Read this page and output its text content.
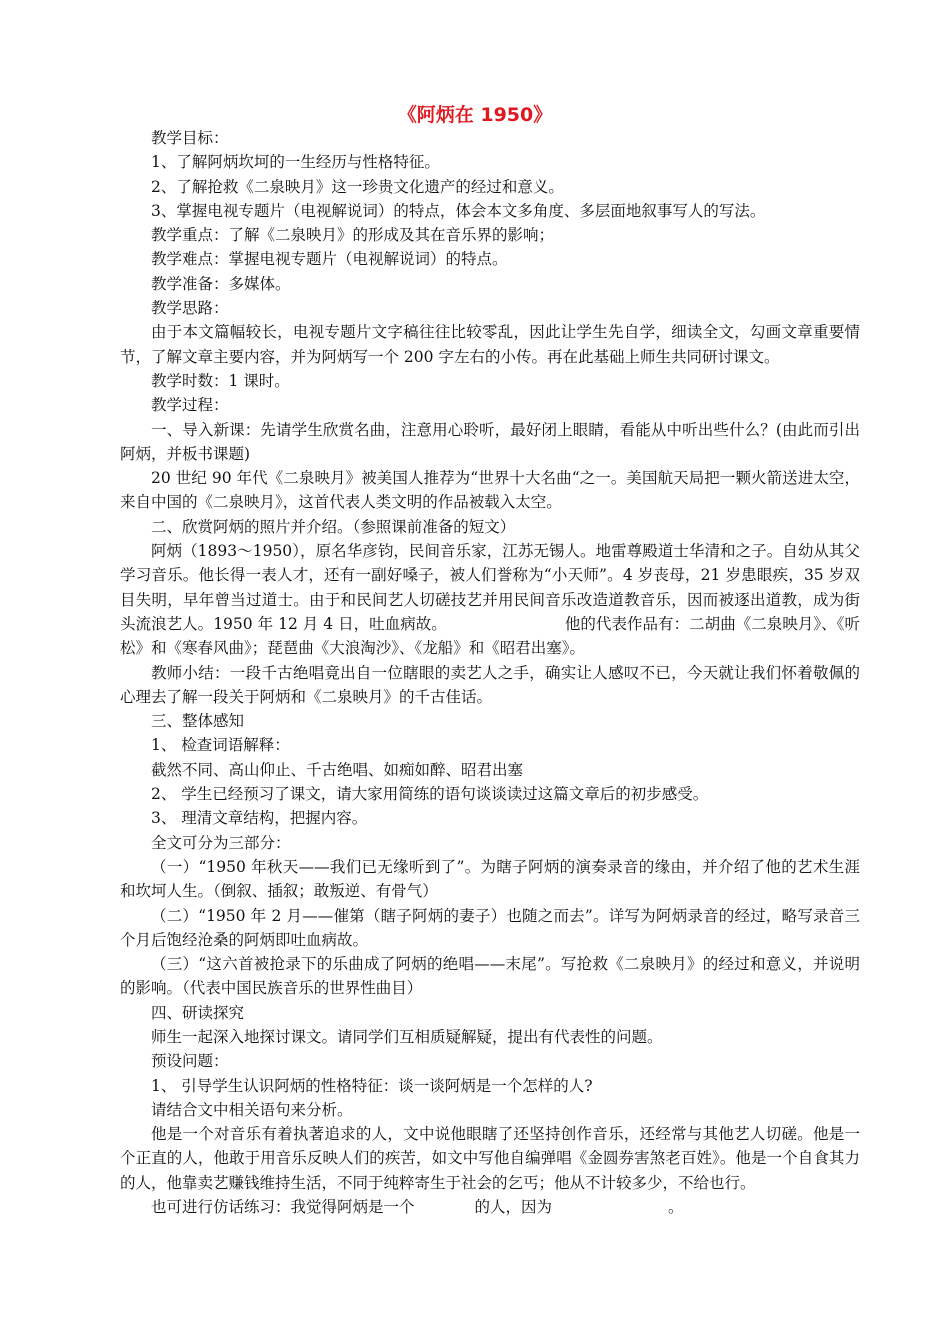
《阿炳在 1950》

教学目标：

1、了解阿炳坎坷的一生经历与性格特征。

2、了解抢救《二泉映月》这一珍贵文化遗产的经过和意义。

3、掌握电视专题片（电视解说词）的特点，体会本文多角度、多层面地叙事写人的写法。

教学重点：了解《二泉映月》的形成及其在音乐界的影响；

教学难点：掌握电视专题片（电视解说词）的特点。

教学准备：多媒体。

教学思路：

由于本文篇幅较长，电视专题片文字稿往往比较零乱，因此让学生先自学，细读全文，勾画文章重要情节，了解文章主要内容，并为阿炳写一个 200 字左右的小传。再在此基础上师生共同研讨课文。

教学时数：1 课时。

教学过程：

一、导入新课：先请学生欣赏名曲，注意用心聆听，最好闭上眼睛，看能从中听出些什么？(由此而引出阿炳，并板书课题)

20 世纪 90 年代《二泉映月》被美国人推荐为“世界十大名曲“之一。美国航天局把一颗火箭送进太空，来自中国的《二泉映月》，这首代表人类文明的作品被载入太空。

二、欣赏阿炳的照片并介绍。（参照课前准备的短文）

阿炳（1893～1950），原名华彦钧，民间音乐家，江苏无锡人。地雷尊殿道士华清和之子。自幼从其父学习音乐。他长得一表人才，还有一副好嗓子，被人们誉称为“小天师”。4 岁丧母，21 岁患眼疾，35 岁双目失明，早年曾当过道士。由于和民间艺人切磋技艺并用民间音乐改造道教音乐，因而被逐出道教，成为街头流浪艺人。1950 年 12 月 4 日，吐血病故。	他的代表作品有：二胡曲《二泉映月》、《听松》和《寒春风曲》；琵琶曲《大浪淘沙》、《龙船》和《昭君出塞》。

教师小结：一段千古绝唱竟出自一位瞎眼的卖艺人之手，确实让人感叹不已，今天就让我们怀着敬佩的心理去了解一段关于阿炳和《二泉映月》的千古佳话。

三、整体感知

1、 检查词语解释：

截然不同、高山仰止、千古绝唱、如痴如醉、昭君出塞

2、 学生已经预习了课文，请大家用简练的语句谈谈读过这篇文章后的初步感受。

3、 理清文章结构，把握内容。

全文可分为三部分：

（一）“1950 年秋天——我们已无缘听到了”。为瞎子阿炳的演奏录音的缘由，并介绍了他的艺术生涯和坎坷人生。（倒叙、插叙；敢叛逆、有骨气）

（二）“1950 年 2 月——催第（瞎子阿炳的妻子）也随之而去”。详写为阿炳录音的经过，略写录音三个月后饱经沧桑的阿炳即吐血病故。

（三）“这六首被抢录下的乐曲成了阿炳的绝唱——末尾”。写抢救《二泉映月》的经过和意义，并说明的影响。（代表中国民族音乐的世界性曲目）

四、研读探究

师生一起深入地探讨课文。请同学们互相质疑解疑，提出有代表性的问题。

预设问题：

1、 引导学生认识阿炳的性格特征：谈一谈阿炳是一个怎样的人?

请结合文中相关语句来分析。

他是一个对音乐有着执著追求的人，文中说他眼瞎了还坚持创作音乐，还经常与其他艺人切磋。他是一个正直的人，他敢于用音乐反映人们的疾苦，如文中写他自编弹唱《金圆券害煞老百姓》。他是一个自食其力的人，他靠卖艺赚钱维持生活，不同于纯粹寄生于社会的乞丐；他从不计较多少，不给也行。

也可进行仿话练习：我觉得阿炳是一个	的人，因为	。
